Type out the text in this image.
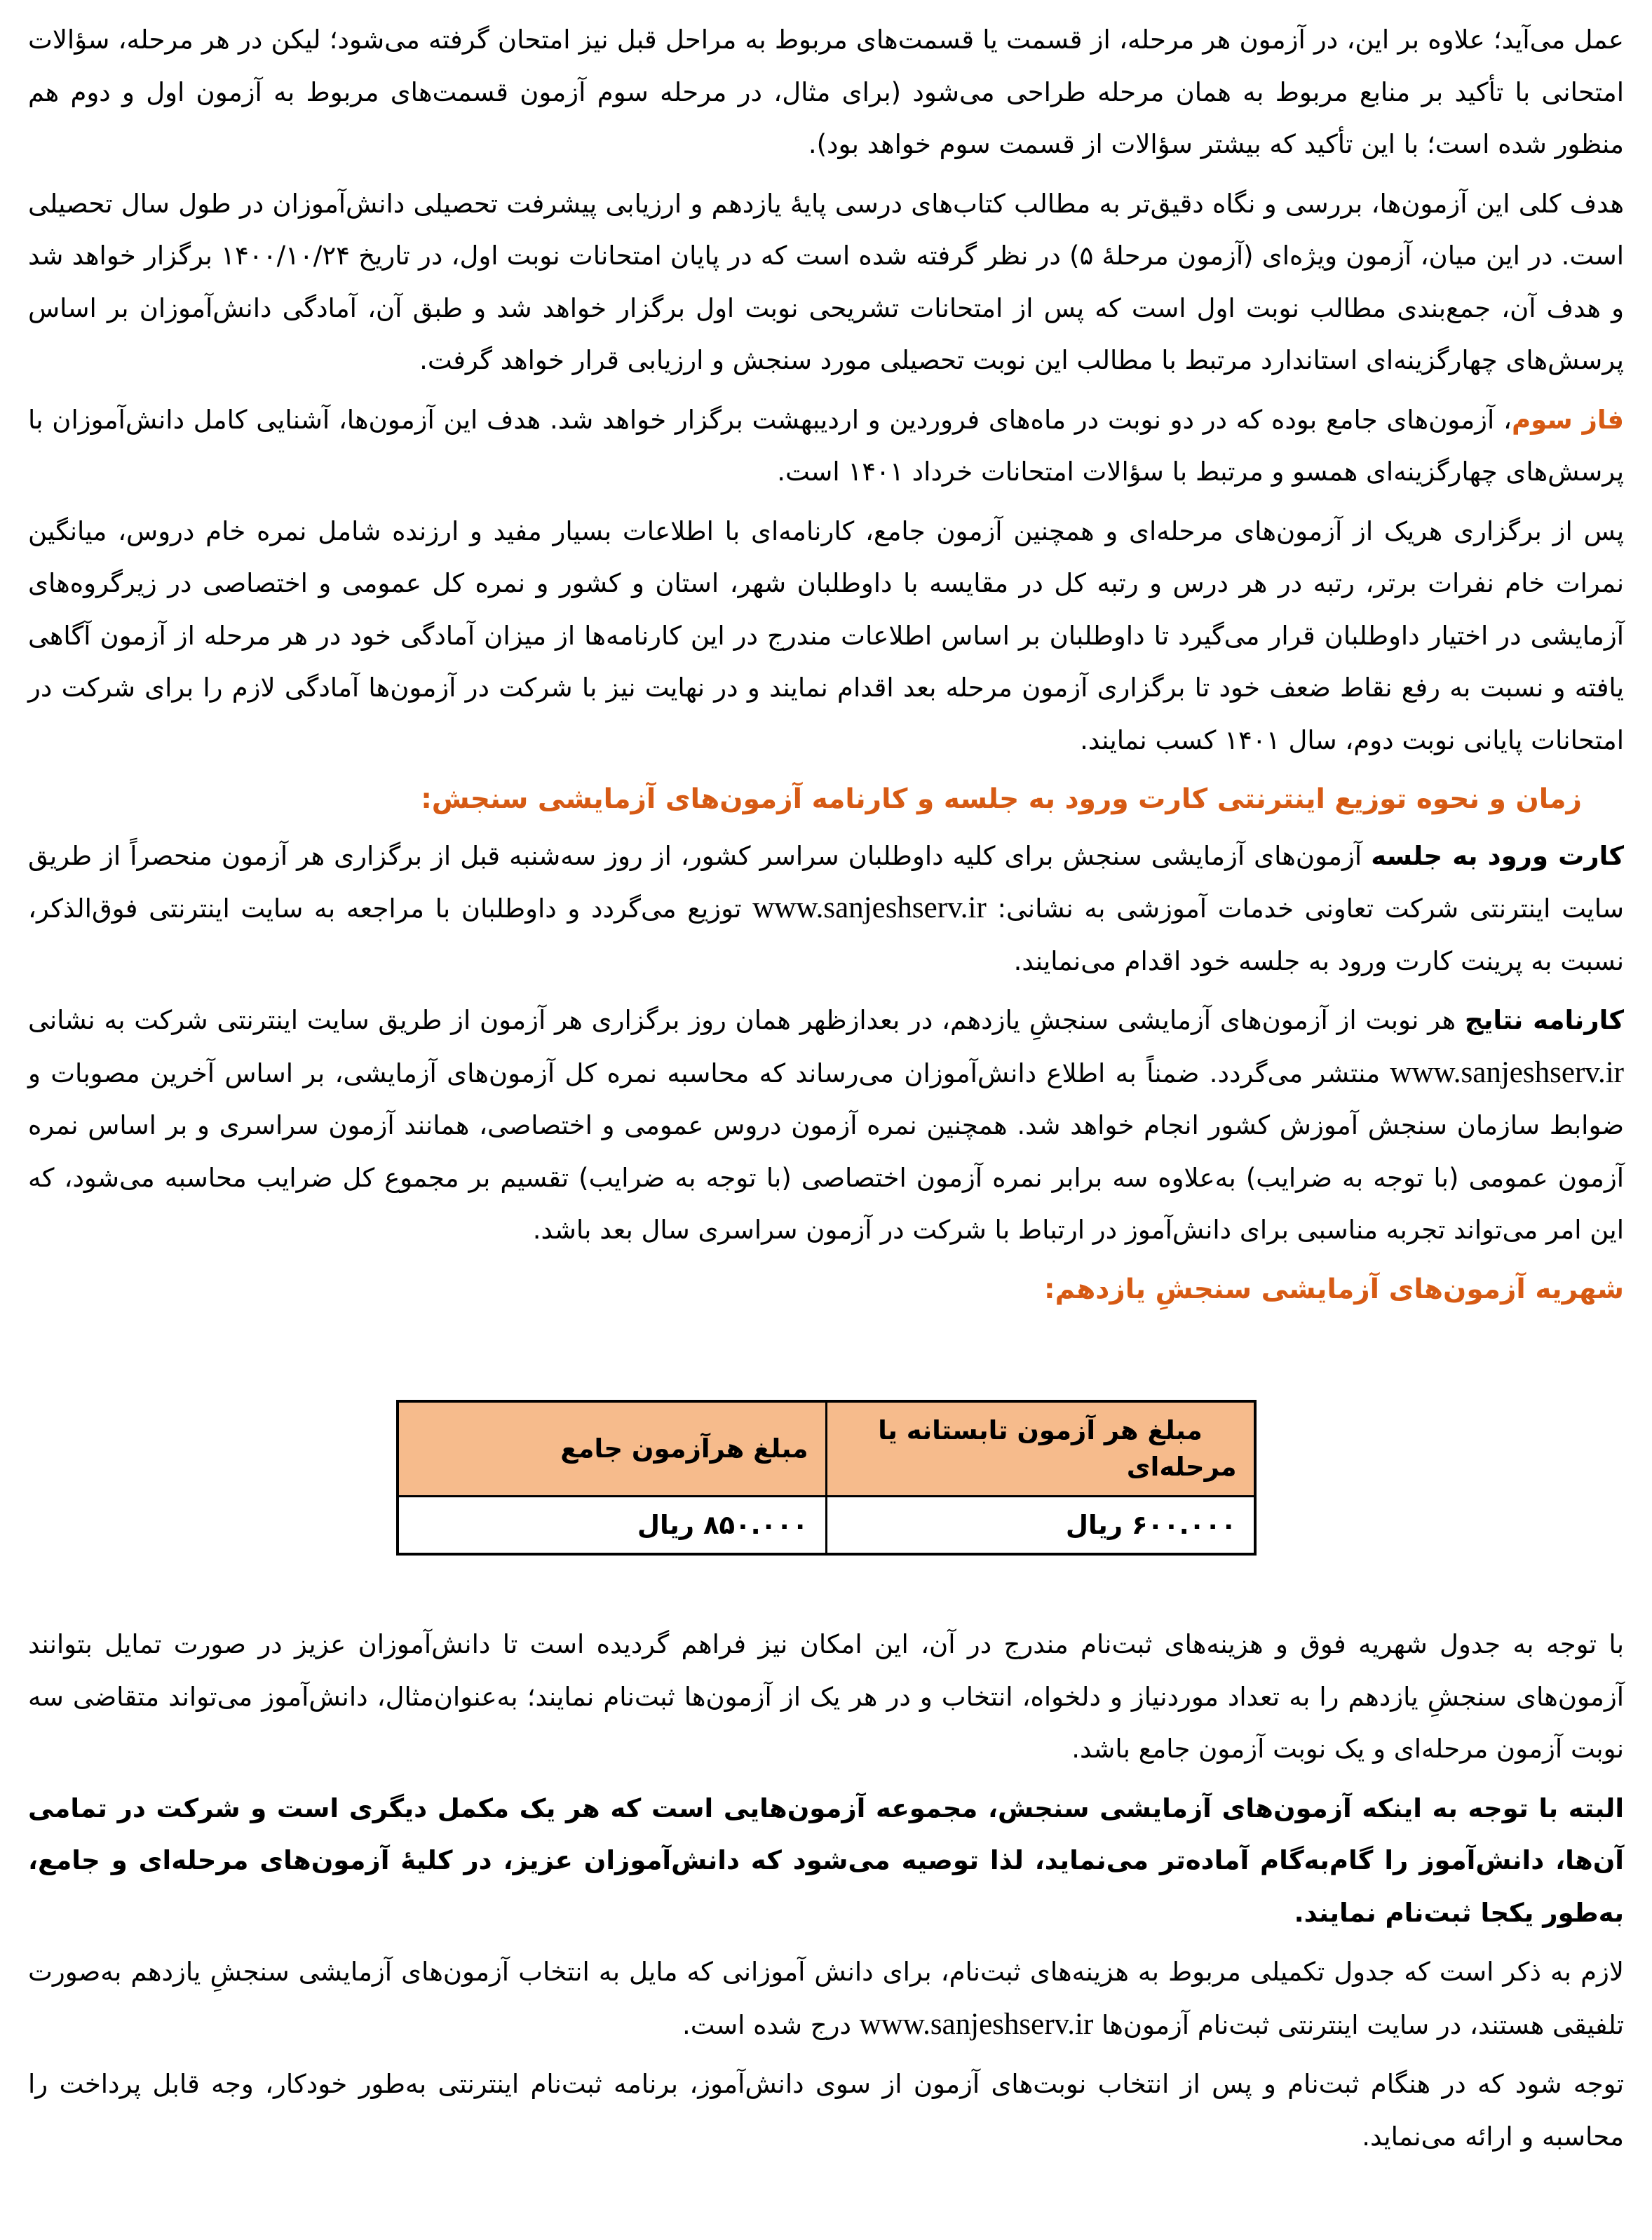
عمل می‌آید؛ علاوه بر این، در آزمون هر مرحله، از قسمت یا قسمت‌های مربوط به مراحل قبل نیز امتحان گرفته می‌شود؛ لیکن در هر مرحله، سؤالات امتحانی با تأکید بر منابع مربوط به همان مرحله طراحی می‌شود (برای مثال، در مرحله سوم آزمون قسمت‌های مربوط به آزمون اول و دوم هم منظور شده است؛ با این تأکید که بیشتر سؤالات از قسمت سوم خواهد بود).

هدف کلی این آزمون‌ها، بررسی و نگاه دقیق‌تر به مطالب کتاب‌های درسی پایهٔ یازدهم و ارزیابی پیشرفت تحصیلی دانش‌آموزان در طول سال تحصیلی است. در این میان، آزمون ویژه‌ای (آزمون مرحلهٔ ۵) در نظر گرفته شده است که در پایان امتحانات نوبت اول، در تاریخ ۱۴۰۰/۱۰/۲۴ برگزار خواهد شد و هدف آن، جمع‌بندی مطالب نوبت اول است که پس از امتحانات تشریحی نوبت اول برگزار خواهد شد و طبق آن، آمادگی دانش‌آموزان بر اساس پرسش‌های چهارگزینه‌ای استاندارد مرتبط با مطالب این نوبت تحصیلی مورد سنجش و ارزیابی قرار خواهد گرفت.

فاز سوم، آزمون‌های جامع بوده که در دو نوبت در ماه‌های فروردین و اردیبهشت برگزار خواهد شد. هدف این آزمون‌ها، آشنایی کامل دانش‌آموزان با پرسش‌های چهارگزینه‌ای همسو و مرتبط با سؤالات امتحانات خرداد ۱۴۰۱ است.

پس از برگزاری هریک از آزمون‌های مرحله‌ای و همچنین آزمون جامع، کارنامه‌ای با اطلاعات بسیار مفید و ارزنده شامل نمره خام دروس، میانگین نمرات خام نفرات برتر، رتبه در هر درس و رتبه کل در مقایسه با داوطلبان شهر، استان و کشور و نمره کل عمومی و اختصاصی در زیرگروه‌های آزمایشی در اختیار داوطلبان قرار می‌گیرد تا داوطلبان بر اساس اطلاعات مندرج در این کارنامه‌ها از میزان آمادگی خود در هر مرحله از آزمون آگاهی یافته و نسبت به رفع نقاط ضعف خود تا برگزاری آزمون مرحله بعد اقدام نمایند و در نهایت نیز با شرکت در آزمون‌ها آمادگی لازم را برای شرکت در امتحانات پایانی نوبت دوم، سال ۱۴۰۱ کسب نمایند.

زمان و نحوه توزیع اینترنتی کارت ورود به جلسه و کارنامه آزمون‌های آزمایشی سنجش:

کارت ورود به جلسه آزمون‌های آزمایشی سنجش برای کلیه داوطلبان سراسر کشور، از روز سه‌شنبه قبل از برگزاری هر آزمون منحصراً از طریق سایت اینترنتی شرکت تعاونی خدمات آموزشی به نشانی: www.sanjeshserv.ir توزیع می‌گردد و داوطلبان با مراجعه به سایت اینترنتی فوق‌الذکر، نسبت به پرینت کارت ورود به جلسه خود اقدام می‌نمایند.

کارنامه نتایج هر نوبت از آزمون‌های آزمایشی سنجشِ یازدهم، در بعدازظهر همان روز برگزاری هر آزمون از طریق سایت اینترنتی شرکت به نشانی www.sanjeshserv.ir منتشر می‌گردد. ضمناً به اطلاع دانش‌آموزان می‌رساند که محاسبه نمره کل آزمون‌های آزمایشی، بر اساس آخرین مصوبات و ضوابط سازمان سنجش آموزش کشور انجام خواهد شد. همچنین نمره آزمون دروس عمومی و اختصاصی، همانند آزمون سراسری و بر اساس نمره آزمون عمومی (با توجه به ضرایب) به‌علاوه سه برابر نمره آزمون اختصاصی (با توجه به ضرایب) تقسیم بر مجموع کل ضرایب محاسبه می‌شود، که این امر می‌تواند تجربه مناسبی برای دانش‌آموز در ارتباط با شرکت در آزمون سراسری سال بعد باشد.

شهریه آزمون‌های آزمایشی سنجشِ یازدهم:
مبلغ هر آزمون تابستانه یا مرحله‌ای	مبلغ هرآزمون جامع
۶۰۰.۰۰۰ ریال	۸۵۰.۰۰۰ ریال

با توجه به جدول شهریه فوق و هزینه‌های ثبت‌نام مندرج در آن، این امکان نیز فراهم گردیده است تا دانش‌آموزان عزیز در صورت تمایل بتوانند آزمون‌های سنجشِ یازدهم را به تعداد موردنیاز و دلخواه، انتخاب و در هر یک از آزمون‌ها ثبت‌نام نمایند؛ به‌عنوان‌مثال، دانش‌آموز می‌تواند متقاضی سه نوبت آزمون مرحله‌ای و یک نوبت آزمون جامع باشد.

البته با توجه به اینکه آزمون‌های آزمایشی سنجش، مجموعه آزمون‌هایی است که هر یک مکمل دیگری است و شرکت در تمامی آن‌ها، دانش‌آموز را گام‌به‌گام آماده‌تر می‌نماید، لذا توصیه می‌شود که دانش‌آموزان عزیز، در کلیهٔ آزمون‌های مرحله‌ای و جامع، به‌طور یکجا ثبت‌نام نمایند.

لازم به ذکر است که جدول تکمیلی مربوط به هزینه‌های ثبت‌نام، برای دانش آموزانی که مایل به انتخاب آزمون‌های آزمایشی سنجشِ یازدهم به‌صورت تلفیقی هستند، در سایت اینترنتی ثبت‌نام آزمون‌ها www.sanjeshserv.ir درج شده است.

توجه شود که در هنگام ثبت‌نام و پس از انتخاب نوبت‌های آزمون از سوی دانش‌آموز، برنامه ثبت‌نام اینترنتی به‌طور خودکار، وجه قابل پرداخت را محاسبه و ارائه می‌نماید.
